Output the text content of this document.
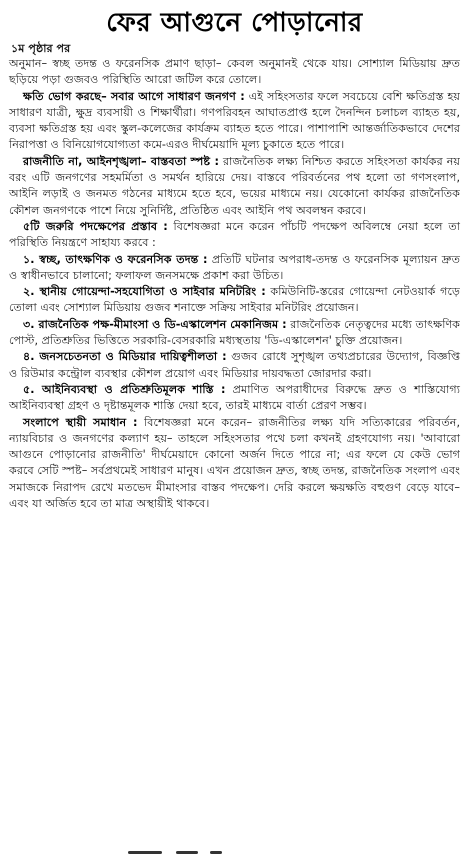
ফের আগুনে পোড়ানোর
১ম পৃষ্ঠার পর

অনুমান– স্বচ্ছ তদন্ত ও ফরেনসিক প্রমাণ ছাড়া– কেবল অনুমানই থেকে যায়। সোশ্যাল মিডিয়ায় দ্রুত ছড়িয়ে পড়া গুজবও পরিস্থিতি আরো জটিল করে তোলে।

ক্ষতি ভোগ করছে– সবার আগে সাধারণ জনগণ : এই সহিংসতার ফলে সবচেয়ে বেশি ক্ষতিগ্রস্ত হয় সাধারণ যাত্রী, ক্ষুদ্র ব্যবসায়ী ও শিক্ষার্থীরা। গণপরিবহন আঘাতপ্রাপ্ত হলে দৈনন্দিন চলাচল ব্যাহত হয়, ব্যবসা ক্ষতিগ্রস্ত হয় এবং স্কুল-কলেজের কার্যক্রম ব্যাহত হতে পারে। পাশাপাশি আন্তর্জাতিকভাবে দেশের নিরাপত্তা ও বিনিয়োগযোগ্যতা কমে-এরও দীর্ঘমেয়াদি মূল্য চুকাতে হতে পারে।

রাজনীতি না, আইনশৃঙ্খলা– বাস্তবতা স্পষ্ট : রাজনৈতিক লক্ষ্য নিশ্চিত করতে সহিংসতা কার্যকর নয় বরং এটি জনগণের সহমর্মিতা ও সমর্থন হারিয়ে দেয়। বাস্তবে পরিবর্তনের পথ হলো তা গণসংলাপ, আইনি লড়াই ও জনমত গঠনের মাধ্যমে হতে হবে, ভয়ের মাধ্যমে নয়। যেকোনো কার্যকর রাজনৈতিক কৌশল জনগণকে পাশে নিয়ে সুনির্দিষ্ট, প্রতিষ্ঠিত এবং আইনি পথ অবলম্বন করবে।

৫টি জরুরি পদক্ষেপের প্রস্তাব : বিশেষজ্ঞরা মনে করেন পাঁচটি পদক্ষেপ অবিলম্বে নেয়া হলে তা পরিস্থিতি নিয়ন্ত্রণে সাহায্য করবে :

১. স্বচ্ছ, তাৎক্ষণিক ও ফরেনসিক তদন্ত : প্রতিটি ঘটনার অপরাধ-তদন্ত ও ফরেনসিক মূল্যায়ন দ্রুত ও স্বাধীনভাবে চালানো; ফলাফল জনসমক্ষে প্রকাশ করা উচিত।

২. স্থানীয় গোয়েন্দা-সহযোগিতা ও সাইবার মনিটরিং : কমিউনিটি-স্তরের গোয়েন্দা নেটওয়ার্ক গড়ে তোলা এবং সোশ্যাল মিডিয়ায় গুজব শনাক্তে সক্রিয় সাইবার মনিটরিং প্রয়োজন।

৩. রাজনৈতিক পক্ষ-মীমাংসা ও ডি-এস্কালেশন মেকানিজম : রাজনৈতিক নেতৃত্বদের মধ্যে তাৎক্ষণিক পোস্ট, প্রতিশ্রুতির ভিত্তিতে সরকারি-বেসরকারি মধ্যস্থতায় 'ডি-এস্কালেশন' চুক্তি প্রয়োজন।

৪. জনসচেতনতা ও মিডিয়ার দায়িত্বশীলতা : গুজব রোধে সুশৃঙ্খল তথ্যপ্রচারের উদ্যোগ, বিজ্ঞপ্তি ও রিউমার কন্ট্রোল ব্যবস্থার কৌশল প্রয়োগ এবং মিডিয়ার দায়বদ্ধতা জোরদার করা।

৫. আইনিব্যবস্থা ও প্রতিশ্রুতিমূলক শাস্তি : প্রমাণিত অপরাধীদের বিরুদ্ধে দ্রুত ও শাস্তিযোগ্য আইনিব্যবস্থা গ্রহণ ও দৃষ্টান্তমূলক শাস্তি দেয়া হবে, তারই মাধ্যমে বার্তা প্রেরণ সম্ভব।

সংলাপে স্থায়ী সমাধান : বিশেষজ্ঞরা মনে করেন– রাজনীতির লক্ষ্য যদি সত্যিকারের পরিবর্তন, ন্যায়বিচার ও জনগণের কল্যাণ হয়– তাহলে সহিংসতার পথে চলা কখনই গ্রহণযোগ্য নয়। 'আবারো আগুনে পোড়ানোর রাজনীতি' দীর্ঘমেয়াদে কোনো অর্জন দিতে পারে না; এর ফলে যে কেউ ভোগ করবে সেটি স্পষ্ট– সর্বপ্রথমেই সাধারণ মানুষ। এখন প্রয়োজন দ্রুত, স্বচ্ছ তদন্ত, রাজনৈতিক সংলাপ এবং সমাজকে নিরাপদ রেখে মতভেদ মীমাংসার বাস্তব পদক্ষেপ। দেরি করলে ক্ষয়ক্ষতি বহুগুণ বেড়ে যাবে– এবং যা অর্জিত হবে তা মাত্র অস্থায়ীই থাকবে।
